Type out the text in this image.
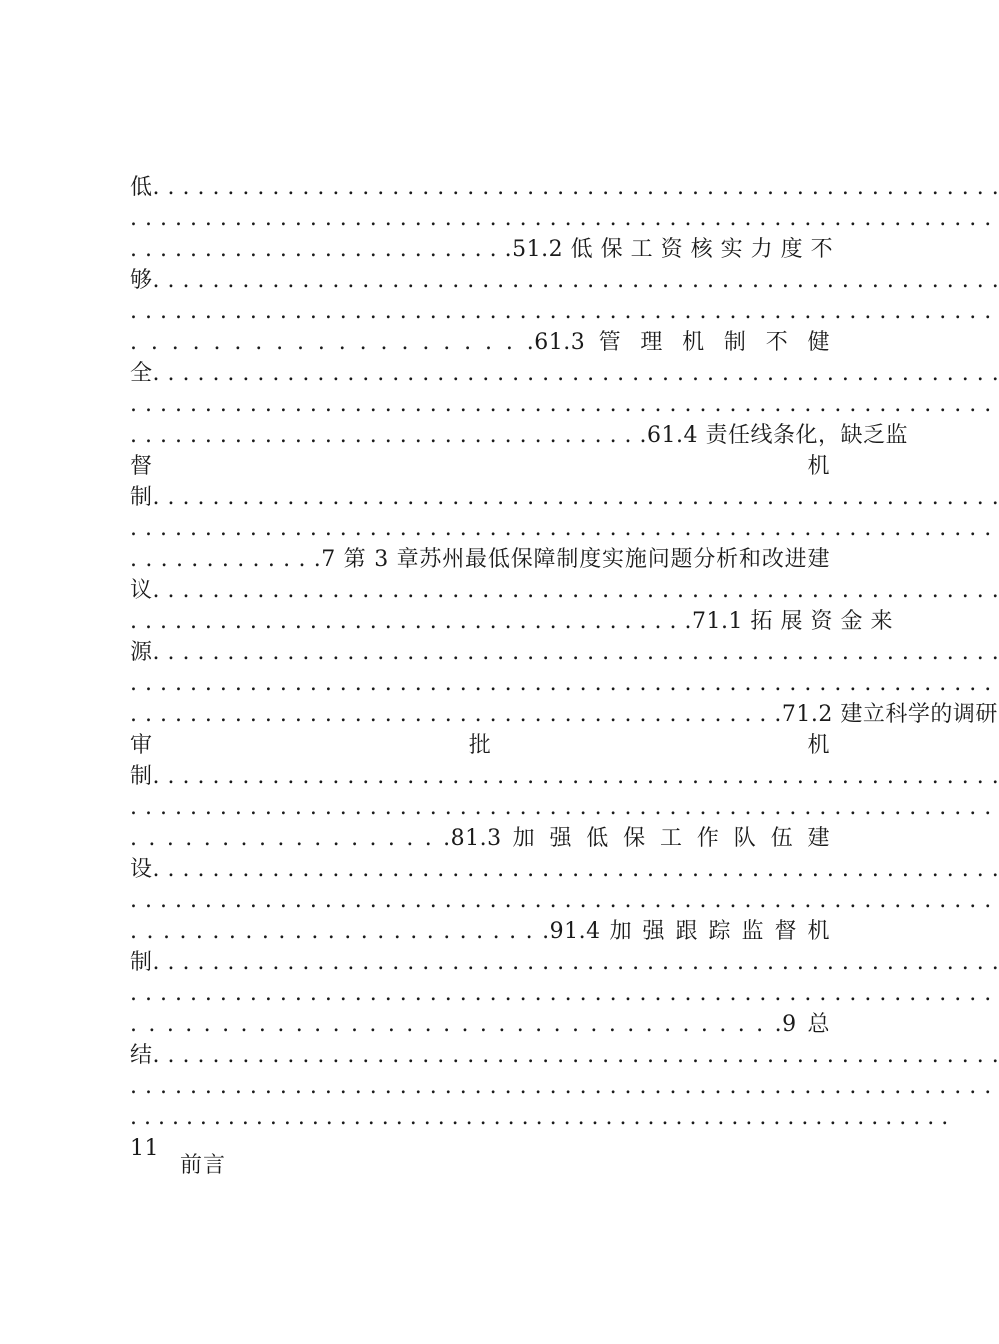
低. . . . . . . . . . . . . . . . . . . . . . . . . . . . . . . . . . . . . . . . . . . . . . . . . . . . . . . . .
. . . . . . . . . . . . . . . . . . . . . . . . . . . . . . . . . . . . . . . . . . . . . . . . . . . . . . . . . .
. . . . . . . . . . . . . . . . . . . . . . . . . .51.2 低 保 工 资 核 实 力 度 不
够. . . . . . . . . . . . . . . . . . . . . . . . . . . . . . . . . . . . . . . . . . . . . . . . . . . . . . . . .
. . . . . . . . . . . . . . . . . . . . . . . . . . . . . . . . . . . . . . . . . . . . . . . . . . . . . . . . . .
. . . . . . . . . . . . . . . . . . . .61.3 管 理 机 制 不 健
全. . . . . . . . . . . . . . . . . . . . . . . . . . . . . . . . . . . . . . . . . . . . . . . . . . . . . . . . .
. . . . . . . . . . . . . . . . . . . . . . . . . . . . . . . . . . . . . . . . . . . . . . . . . . . . . . . . . .
. . . . . . . . . . . . . . . . . . . . . . . . . . . . . . . . . . .61.4 责任线条化，缺乏监
督 机
制. . . . . . . . . . . . . . . . . . . . . . . . . . . . . . . . . . . . . . . . . . . . . . . . . . . . . . . . .
. . . . . . . . . . . . . . . . . . . . . . . . . . . . . . . . . . . . . . . . . . . . . . . . . . . . . . . . . .
. . . . . . . . . . . . .7 第 3 章苏州最低保障制度实施问题分析和改进建
议. . . . . . . . . . . . . . . . . . . . . . . . . . . . . . . . . . . . . . . . . . . . . . . . . . . . . . . . .
. . . . . . . . . . . . . . . . . . . . . . . . . . . . . . . . . . . . . .71.1 拓 展 资 金 来
源. . . . . . . . . . . . . . . . . . . . . . . . . . . . . . . . . . . . . . . . . . . . . . . . . . . . . . . . .
. . . . . . . . . . . . . . . . . . . . . . . . . . . . . . . . . . . . . . . . . . . . . . . . . . . . . . . . . .
. . . . . . . . . . . . . . . . . . . . . . . . . . . . . . . . . . . . . . . . . . . .71.2 建立科学的调研
审 批 机
制. . . . . . . . . . . . . . . . . . . . . . . . . . . . . . . . . . . . . . . . . . . . . . . . . . . . . . . . .
. . . . . . . . . . . . . . . . . . . . . . . . . . . . . . . . . . . . . . . . . . . . . . . . . . . . . . . . . .
. . . . . . . . . . . . . . . . . .81.3 加 强 低 保 工 作 队 伍 建
设. . . . . . . . . . . . . . . . . . . . . . . . . . . . . . . . . . . . . . . . . . . . . . . . . . . . . . . . .
. . . . . . . . . . . . . . . . . . . . . . . . . . . . . . . . . . . . . . . . . . . . . . . . . . . . . . . . . .
. . . . . . . . . . . . . . . . . . . . . . . . . .91.4 加 强 跟 踪 监 督 机
制. . . . . . . . . . . . . . . . . . . . . . . . . . . . . . . . . . . . . . . . . . . . . . . . . . . . . . . . .
. . . . . . . . . . . . . . . . . . . . . . . . . . . . . . . . . . . . . . . . . . . . . . . . . . . . . . . . . .
. . . . . . . . . . . . . . . . . . . . . . . . . . . . . . . . . . . .9 总
结. . . . . . . . . . . . . . . . . . . . . . . . . . . . . . . . . . . . . . . . . . . . . . . . . . . . . . . . .
. . . . . . . . . . . . . . . . . . . . . . . . . . . . . . . . . . . . . . . . . . . . . . . . . . . . . . . . . .
. . . . . . . . . . . . . . . . . . . . . . . . . . . . . . . . . . . . . . . . . . . . . . . . . . . . . . . . . . .
11
前言
